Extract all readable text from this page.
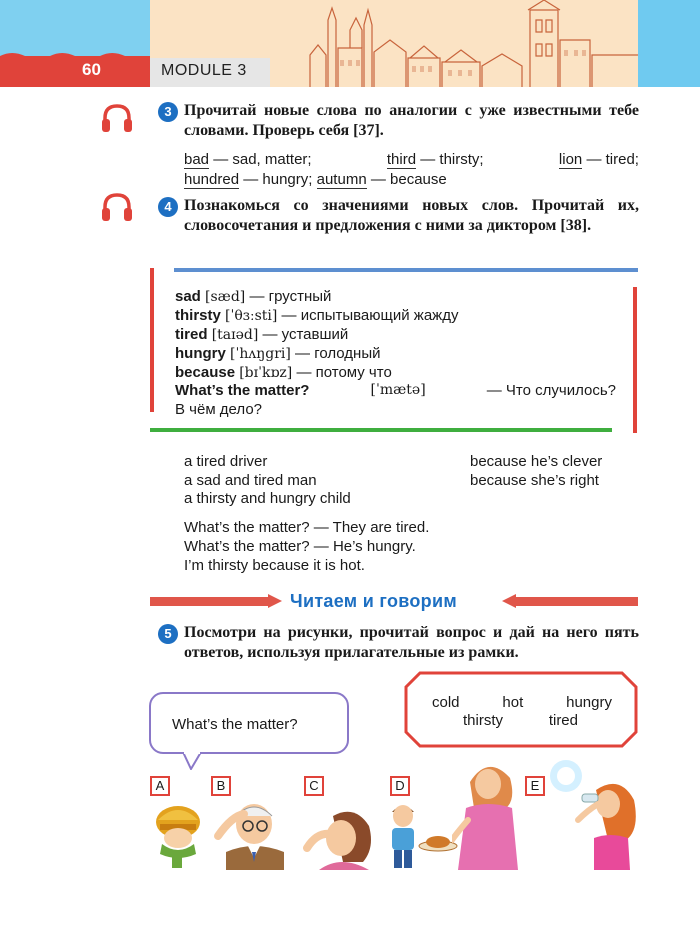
60	MODULE 3
3 Прочитай новые слова по аналогии с уже известными тебе словами. Проверь себя [37].
bad — sad, matter;	third — thirsty;	lion — tired;
hundred — hungry; autumn — because
4 Познакомься со значениями новых слов. Прочитай их, словосочетания и предложения с ними за диктором [38].
sad [sæd] — грустный
thirsty [ˈθɜːsti] — испытывающий жажду
tired [taɪəd] — уставший
hungry [ˈhʌŋgri] — голодный
because [bɪˈkɒz] — потому что
What’s the matter?	[ˈmætə]	— Что случилось?
В чём дело?
a tired driver
a sad and tired man
a thirsty and hungry child
because he’s clever
because she’s right
What’s the matter? — They are tired.
What’s the matter? — He’s hungry.
I’m thirsty because it is hot.
Читаем и говорим
5 Посмотри на рисунки, прочитай вопрос и дай на него пять ответов, используя прилагательные из рамки.
What’s the matter?
cold	hot	hungry
thirsty	tired
A	B	C	D	E
